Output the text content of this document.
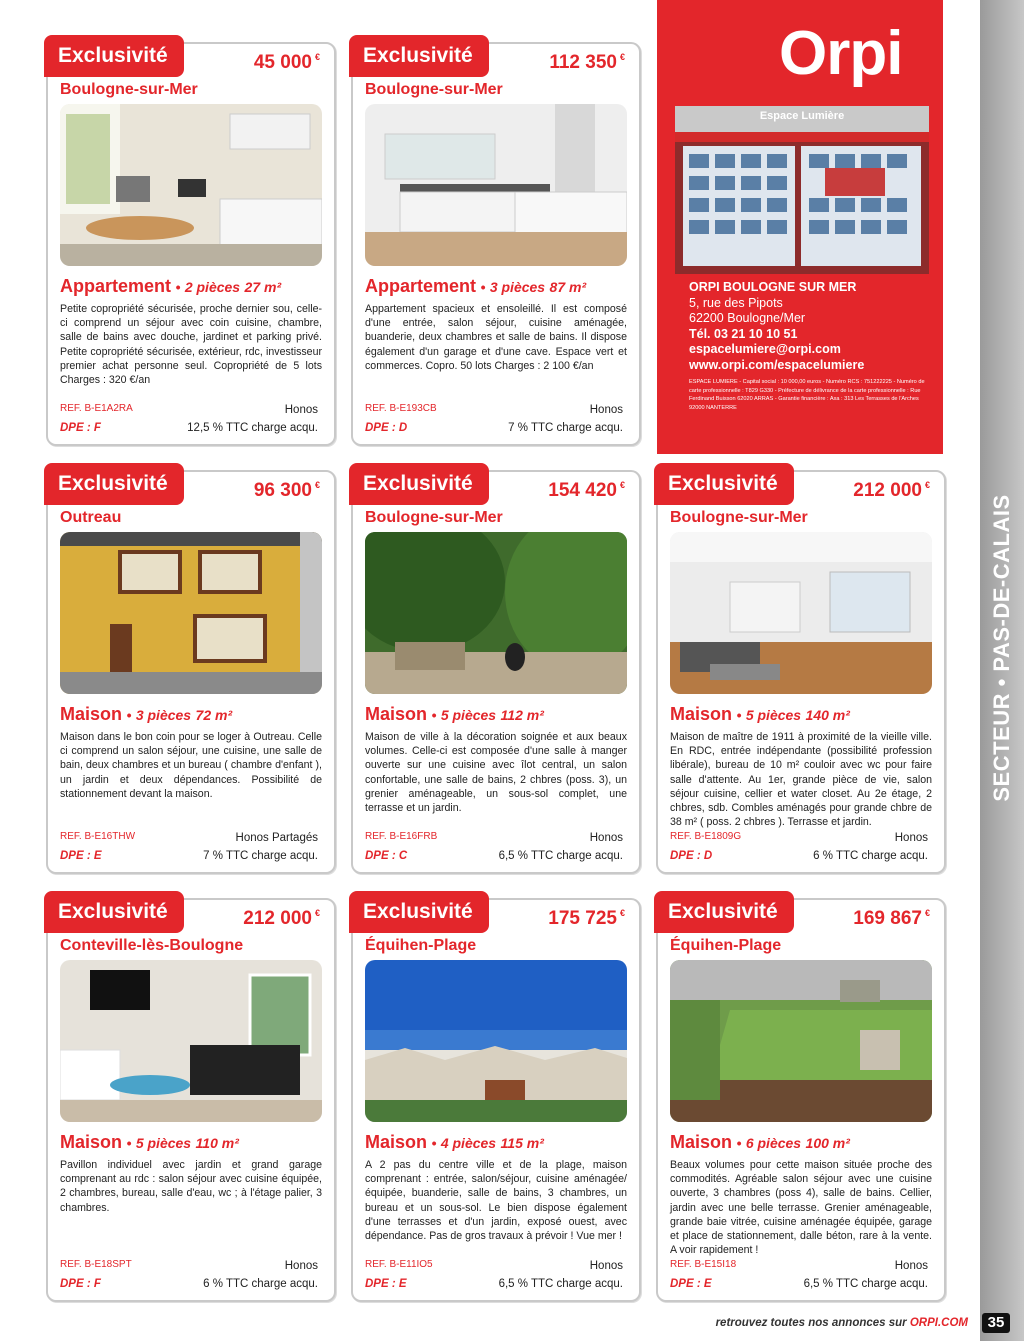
Exclusivité	45 000 €
Boulogne-sur-Mer
Appartement • 2 pièces 27 m²
Petite copropriété sécurisée, proche dernier sou, celle-ci comprend un séjour avec coin cuisine, chambre, salle de bains avec douche, jardinet et parking privé. Petite copropriété sécurisée, extérieur, rdc, investisseur premier achat personne seul. Copropriété de 5 lots Charges : 320 €/an
REF. B-E1A2RA
DPE : F
Honos
12,5 % TTC charge acqu.
Exclusivité	112 350 €
Boulogne-sur-Mer
Appartement • 3 pièces 87 m²
Appartement spacieux et ensoleillé. Il est composé d'une entrée, salon séjour, cuisine aménagée, buanderie, deux chambres et salle de bains. Il dispose également d'un garage et d'une cave. Espace vert et commerces. Copro. 50 lots Charges : 2 100 €/an
REF. B-E193CB
DPE : D
Honos
7 % TTC charge acqu.
Orpi
Espace Lumière
ORPI BOULOGNE SUR MER
5, rue des Pipots
62200 Boulogne/Mer
Tél. 03 21 10 10 51
espacelumiere@orpi.com
www.orpi.com/espacelumiere
ESPACE LUMIERE - Capital social : 10 000,00 euros - Numéro RCS : 751222225 - Numéro de carte professionnelle : T829 G330 - Préfecture de délivrance de la carte professionnelle : Rue Ferdinand Buisson 62020 ARRAS - Garantie financière : Axa : 313 Les Terrasses de l'Arches 92000 NANTERRE
Exclusivité	96 300 €
Outreau
Maison • 3 pièces 72 m²
Maison dans le bon coin pour se loger à Outreau. Celle ci comprend un salon séjour, une cuisine, une salle de bain, deux chambres et un bureau ( chambre d'enfant ), un jardin et deux dépendances. Possibilité de stationnement devant la maison.
REF. B-E16THW
DPE : E
Honos Partagés
7 % TTC charge acqu.
Exclusivité	154 420 €
Boulogne-sur-Mer
Maison • 5 pièces 112 m²
Maison de ville à la décoration soignée et aux beaux volumes. Celle-ci est composée d'une salle à manger ouverte sur une cuisine avec îlot central, un salon confortable, une salle de bains, 2 chbres (poss. 3), un grenier aménageable, un sous-sol complet, une terrasse et un jardin.
REF. B-E16FRB
DPE : C
Honos
6,5 % TTC charge acqu.
Exclusivité	212 000 €
Boulogne-sur-Mer
Maison • 5 pièces 140 m²
Maison de maître de 1911 à proximité de la vieille ville. En RDC, entrée indépendante (possibilité profession libérale), bureau de 10 m² couloir avec wc pour faire salle d'attente. Au 1er, grande pièce de vie, salon séjour cuisine, cellier et water closet. Au 2e étage, 2 chbres, sdb. Combles aménagés pour grande chbre de 38 m² ( poss. 2 chbres ). Terrasse et jardin.
REF. B-E1809G
DPE : D
Honos
6 % TTC charge acqu.
Exclusivité	212 000 €
Conteville-lès-Boulogne
Maison • 5 pièces 110 m²
Pavillon individuel avec jardin et grand garage comprenant au rdc : salon séjour avec cuisine équipée, 2 chambres, bureau, salle d'eau, wc ; à l'étage palier, 3 chambres.
REF. B-E18SPT
DPE : F
Honos
6 % TTC charge acqu.
Exclusivité	175 725 €
Équihen-Plage
Maison • 4 pièces 115 m²
A 2 pas du centre ville et de la plage, maison comprenant : entrée, salon/séjour, cuisine aménagée/équipée, buanderie, salle de bains, 3 chambres, un bureau et un sous-sol. Le bien dispose également d'une terrasses et d'un jardin, exposé ouest, avec dépendance. Pas de gros travaux à prévoir ! Vue mer !
REF. B-E11IO5
DPE : E
Honos
6,5 % TTC charge acqu.
Exclusivité	169 867 €
Équihen-Plage
Maison • 6 pièces 100 m²
Beaux volumes pour cette maison située proche des commodités. Agréable salon séjour avec une cuisine ouverte, 3 chambres (poss 4), salle de bains. Cellier, jardin avec une belle terrasse. Grenier aménageable, grande baie vitrée, cuisine aménagée équipée, garage et place de stationnement, dalle béton, rare à la vente. A voir rapidement !
REF. B-E15I18
DPE : E
Honos
6,5 % TTC charge acqu.
SECTEUR • PAS-DE-CALAIS
retrouvez toutes nos annonces sur ORPI.COM	35
